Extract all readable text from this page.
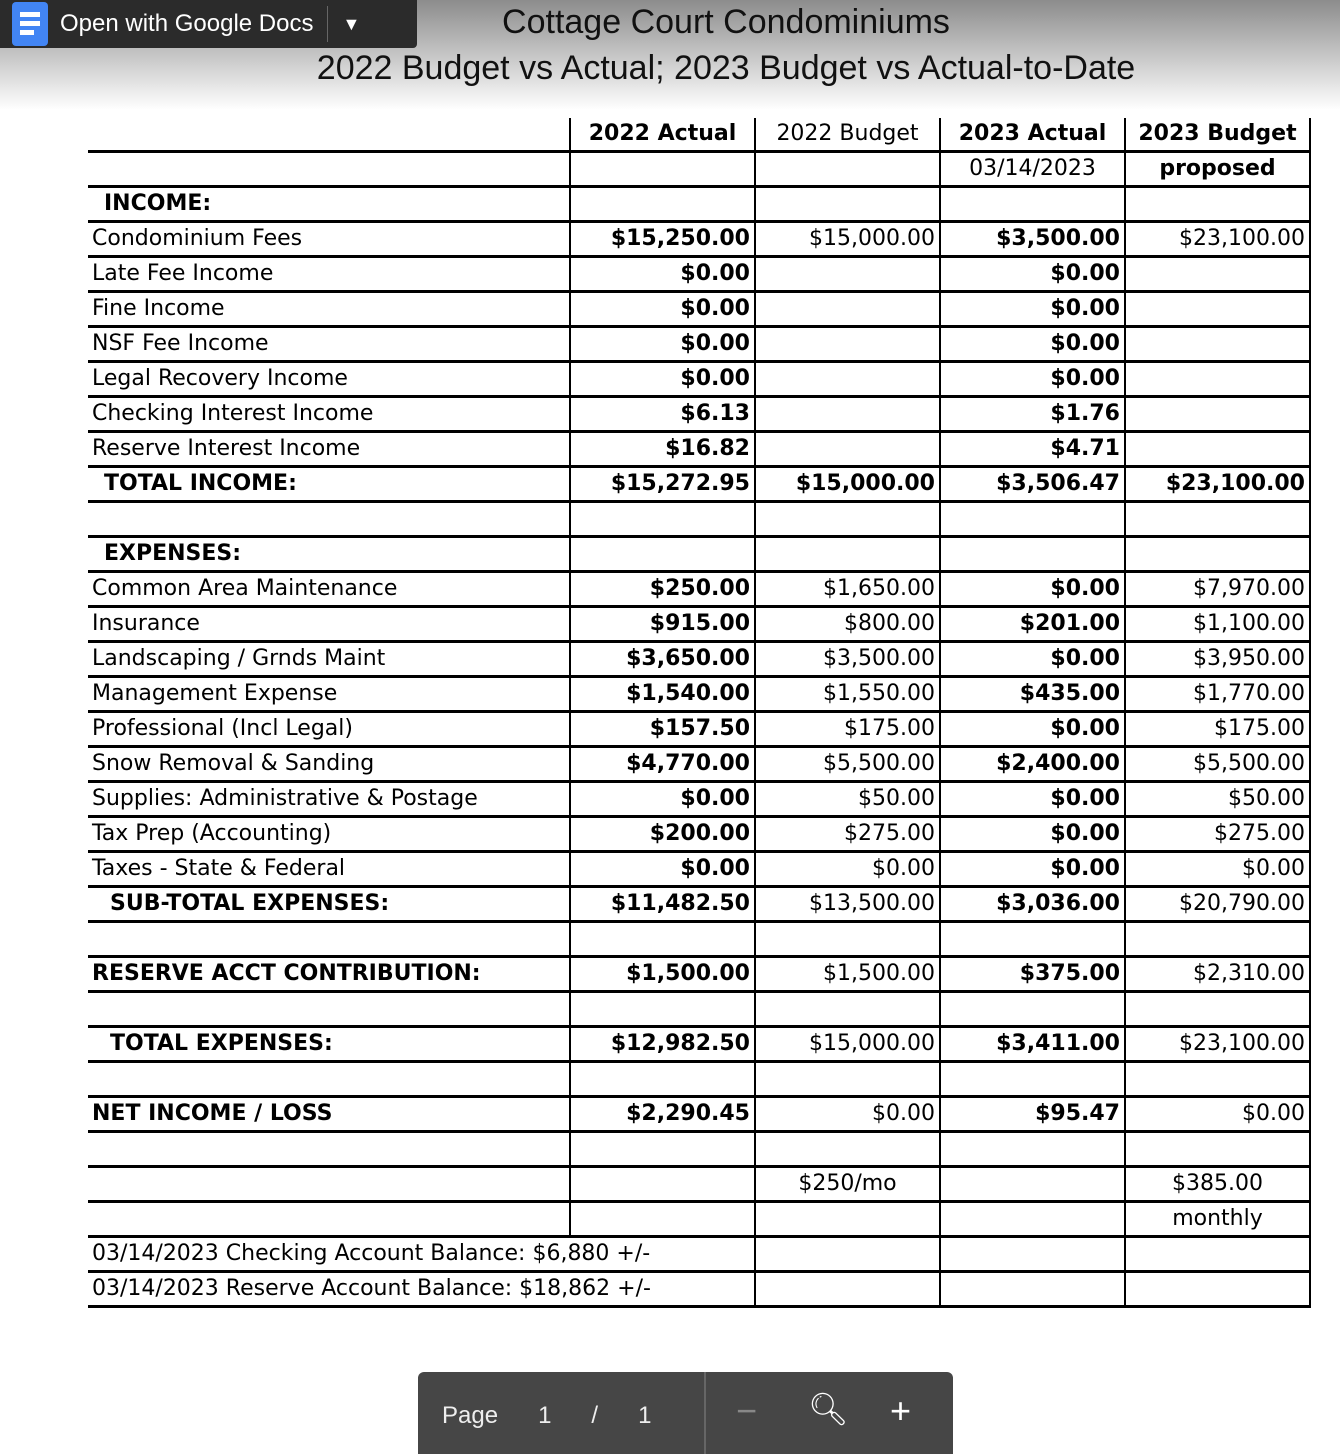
Cottage Court Condominiums
2022 Budget vs Actual; 2023 Budget vs Actual-to-Date
Open with Google Docs ▼
	2022 Actual	2022 Budget	2023 Actual	2023 Budget
			03/14/2023	proposed
INCOME:				
Condominium Fees	$15,250.00	$15,000.00	$3,500.00	$23,100.00
Late Fee Income	$0.00		$0.00	
Fine Income	$0.00		$0.00	
NSF Fee Income	$0.00		$0.00	
Legal Recovery Income	$0.00		$0.00	
Checking Interest Income	$6.13		$1.76	
Reserve Interest Income	$16.82		$4.71	
TOTAL INCOME:	$15,272.95	$15,000.00	$3,506.47	$23,100.00

EXPENSES:				
Common Area Maintenance	$250.00	$1,650.00	$0.00	$7,970.00
Insurance	$915.00	$800.00	$201.00	$1,100.00
Landscaping / Grnds Maint	$3,650.00	$3,500.00	$0.00	$3,950.00
Management Expense	$1,540.00	$1,550.00	$435.00	$1,770.00
Professional (Incl Legal)	$157.50	$175.00	$0.00	$175.00
Snow Removal & Sanding	$4,770.00	$5,500.00	$2,400.00	$5,500.00
Supplies: Administrative & Postage	$0.00	$50.00	$0.00	$50.00
Tax Prep (Accounting)	$200.00	$275.00	$0.00	$275.00
Taxes - State & Federal	$0.00	$0.00	$0.00	$0.00
SUB-TOTAL EXPENSES:	$11,482.50	$13,500.00	$3,036.00	$20,790.00

RESERVE ACCT CONTRIBUTION:	$1,500.00	$1,500.00	$375.00	$2,310.00

TOTAL EXPENSES:	$12,982.50	$15,000.00	$3,411.00	$23,100.00

NET INCOME / LOSS	$2,290.45	$0.00	$95.47	$0.00

		$250/mo		$385.00
				monthly
03/14/2023 Checking Account Balance: $6,880 +/-				
03/14/2023 Reserve Account Balance: $18,862 +/-				
Page 1 / 1	− 🔍︎ +
